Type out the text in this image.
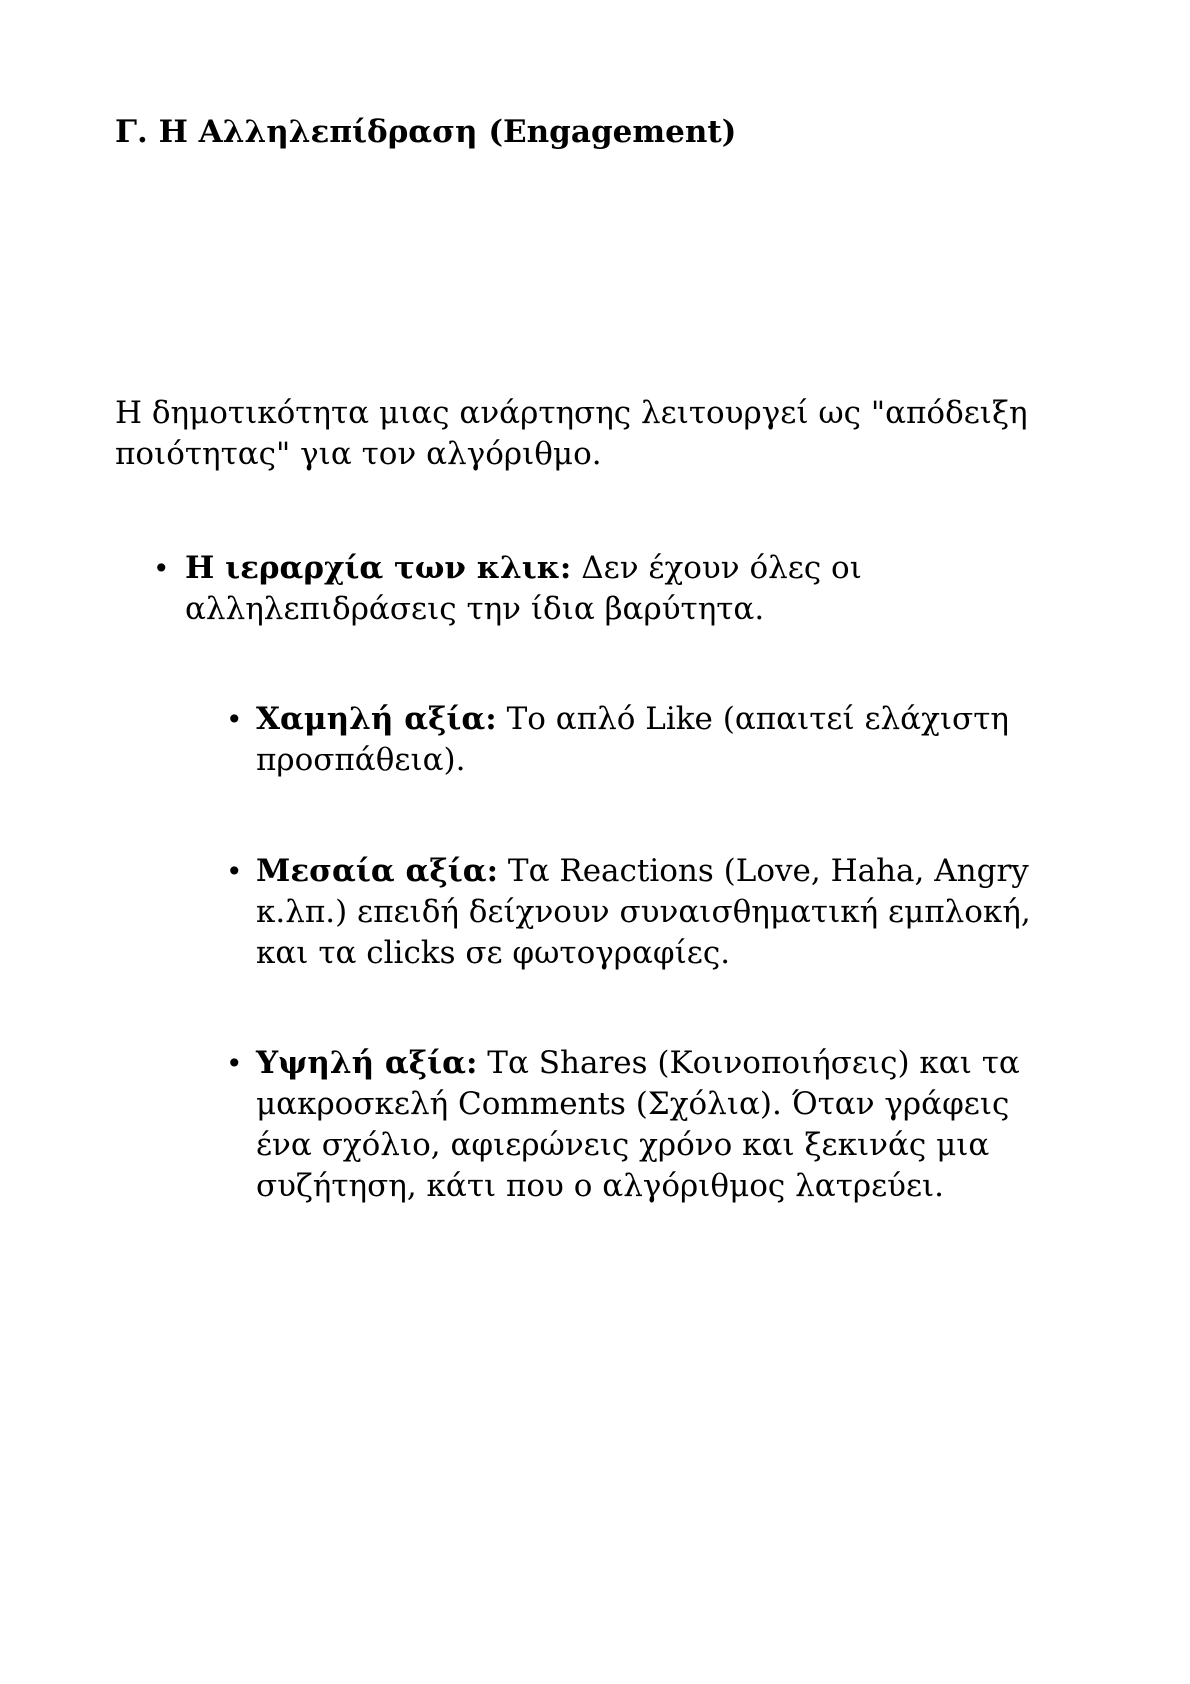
Γ. Η Αλληλεπίδραση (Engagement)

Η δημοτικότητα μιας ανάρτησης λειτουργεί ως "απόδειξη ποιότητας" για τον αλγόριθμο.

• Η ιεραρχία των κλικ: Δεν έχουν όλες οι αλληλεπιδράσεις την ίδια βαρύτητα.
• Χαμηλή αξία: Το απλό Like (απαιτεί ελάχιστη προσπάθεια).
• Μεσαία αξία: Τα Reactions (Love, Haha, Angry κ.λπ.) επειδή δείχνουν συναισθηματική εμπλοκή, και τα clicks σε φωτογραφίες.
• Υψηλή αξία: Τα Shares (Κοινοποιήσεις) και τα μακροσκελή Comments (Σχόλια). Όταν γράφεις ένα σχόλιο, αφιερώνεις χρόνο και ξεκινάς μια συζήτηση, κάτι που ο αλγόριθμος λατρεύει.
